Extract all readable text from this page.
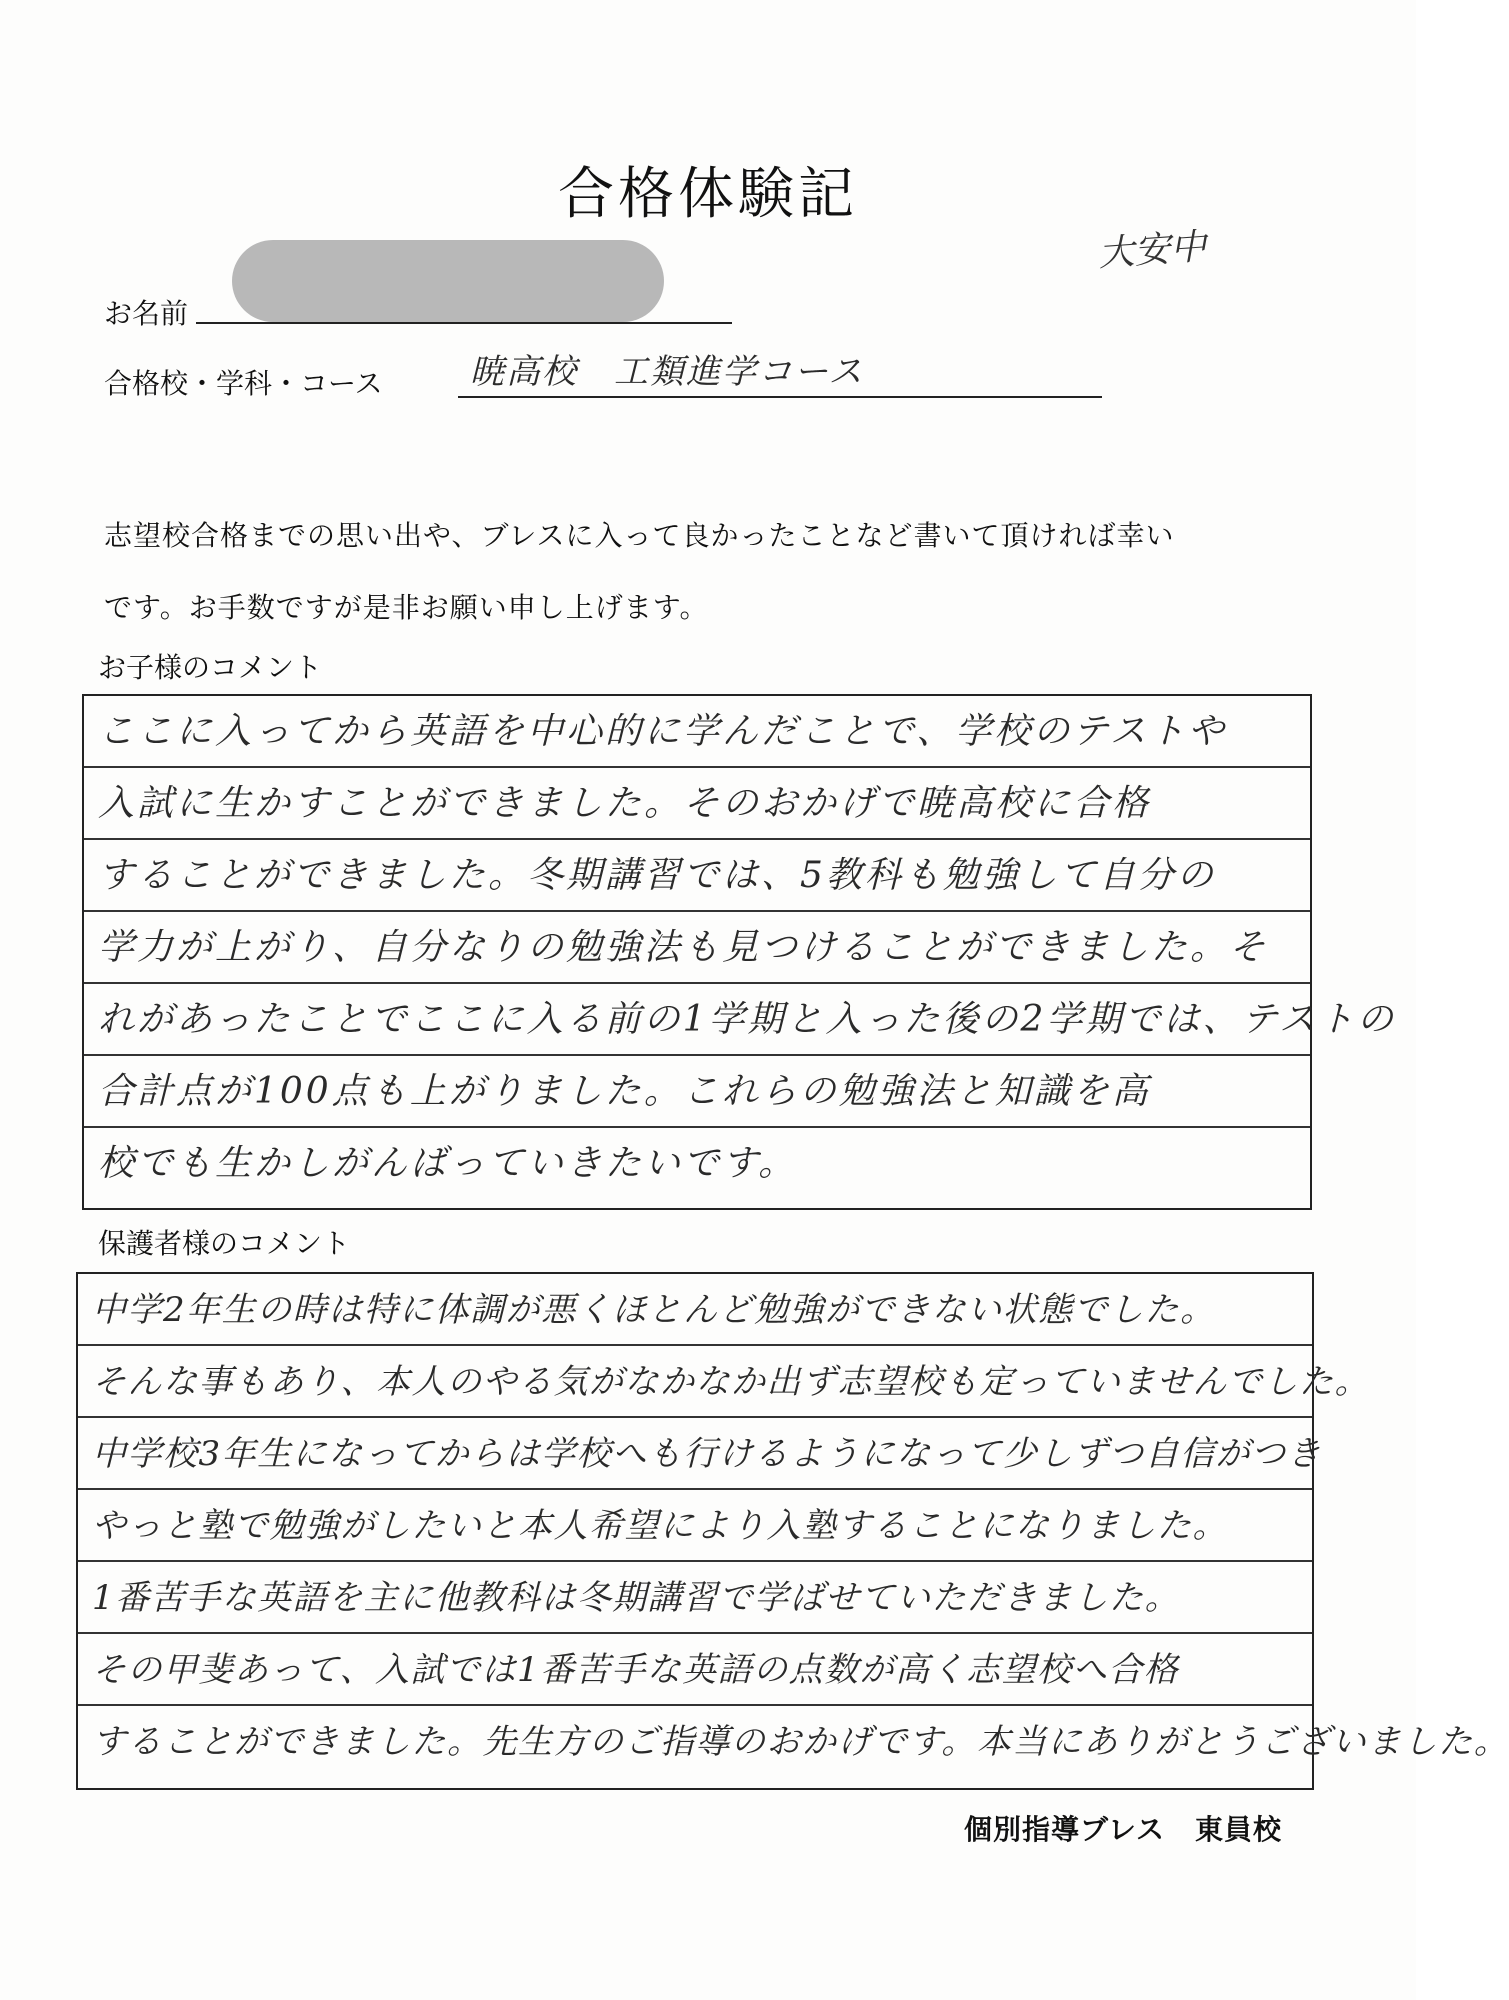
合格体験記
大安中
お名前
合格校・学科・コース	暁高校　工類進学コース
志望校合格までの思い出や、ブレスに入って良かったことなど書いて頂ければ幸い
です。お手数ですが是非お願い申し上げます。
お子様のコメント
ここに入ってから英語を中心的に学んだことで、学校のテストや
入試に生かすことができました。そのおかげで暁高校に合格
することができました。冬期講習では、5教科も勉強して自分の
学力が上がり、自分なりの勉強法も見つけることができました。そ
れがあったことでここに入る前の1学期と入った後の2学期では、テストの
合計点が100点も上がりました。これらの勉強法と知識を高
校でも生かしがんばっていきたいです。
保護者様のコメント
中学2年生の時は特に体調が悪くほとんど勉強ができない状態でした。
そんな事もあり、本人のやる気がなかなか出ず志望校も定っていませんでした。
中学校3年生になってからは学校へも行けるようになって少しずつ自信がつき
やっと塾で勉強がしたいと本人希望により入塾することになりました。
1番苦手な英語を主に他教科は冬期講習で学ばせていただきました。
その甲斐あって、入試では1番苦手な英語の点数が高く志望校へ合格
することができました。先生方のご指導のおかげです。本当にありがとうございました。
個別指導ブレス 東員校
